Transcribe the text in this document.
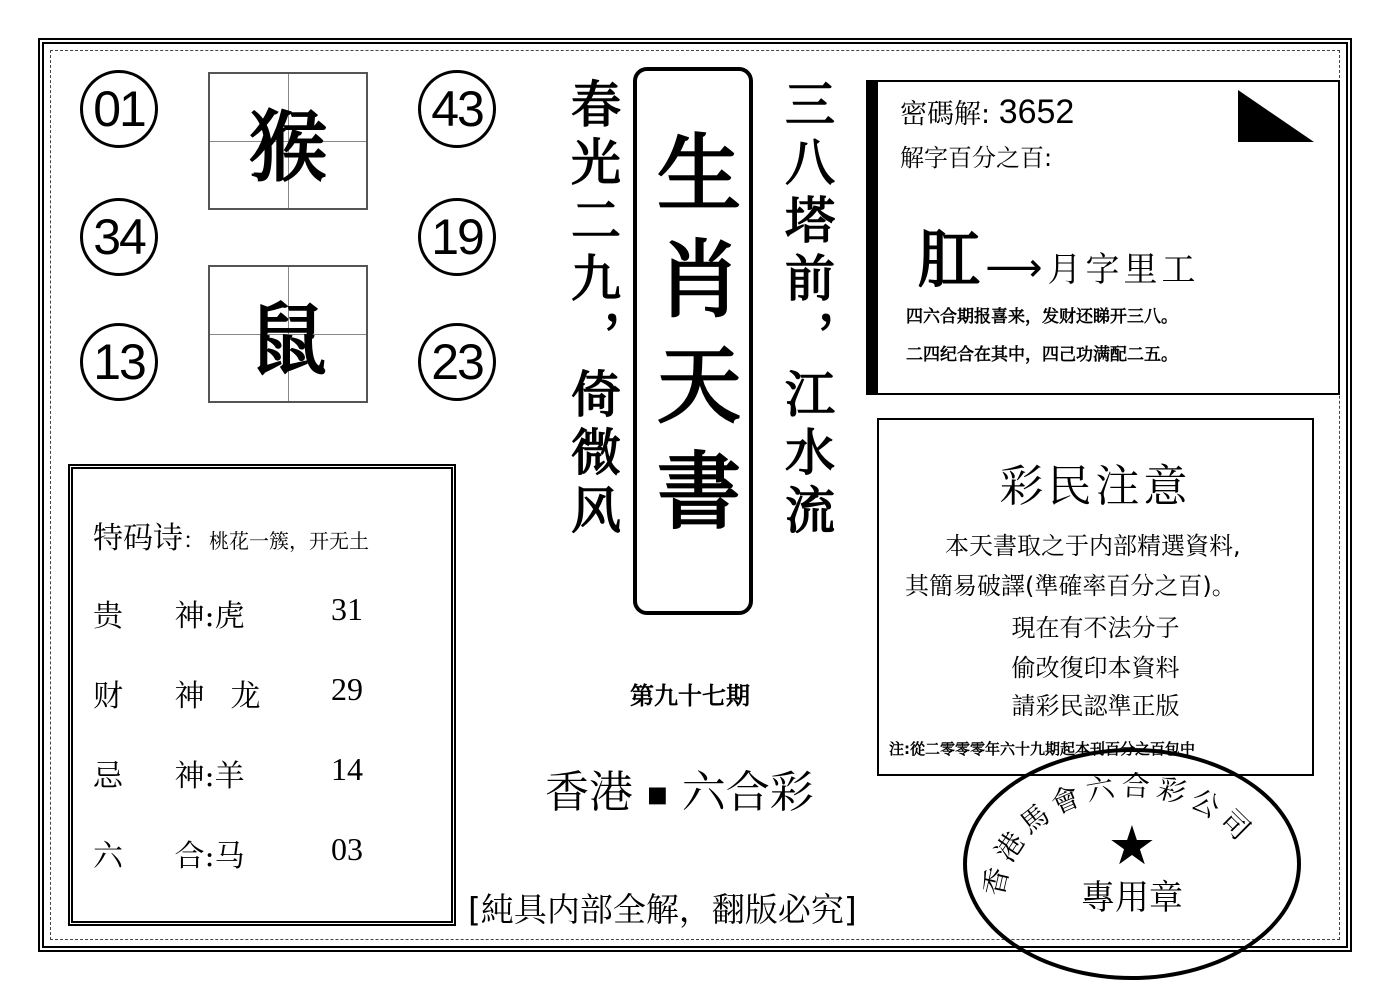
01
34
13
猴
鼠
43
19
23 春光二九，倚微风	三八塔前，江水流
生肖天書
第九十七期
香港 ■ 六合彩
[純具内部全解，翻版必究]
特码诗： 桃花一簇，开无土
贵 神:虎	31
财 神 龙 29
忌 神:羊	14
六 合:马	03
密碼解: 3652
解字百分之百:
肛 ⟶ 月字里工
四六合期报喜来，发财还睇开三八。
二四纪合在其中，四己功满配二五。
彩民注意
本天書取之于内部精選資料,
其簡易破譯(準確率百分之百)。
現在有不法分子
偷改復印本資料
請彩民認準正版
注:從二零零零年六十九期起本刊百分之百包中
香港馬會六合彩公司
★
專用章
